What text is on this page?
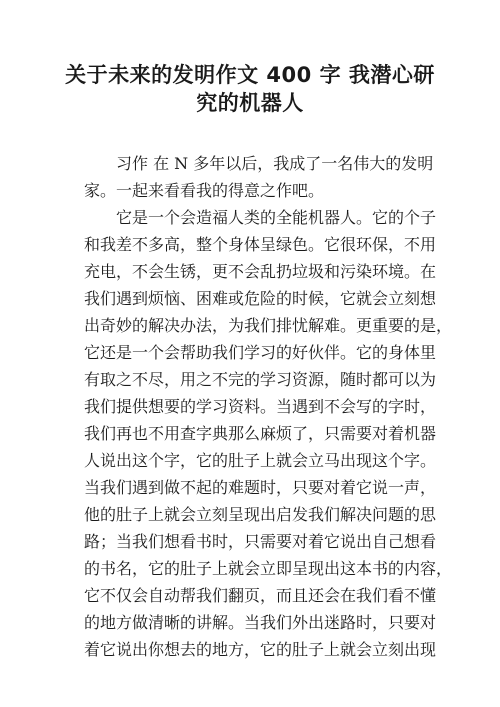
关于未来的发明作文 400 字 我潜心研
究的机器人
习作 在 N 多年以后，我成了一名伟大的发明
家。一起来看看我的得意之作吧。
它是一个会造福人类的全能机器人。它的个子
和我差不多高，整个身体呈绿色。它很环保，不用
充电，不会生锈，更不会乱扔垃圾和污染环境。在
我们遇到烦恼、困难或危险的时候，它就会立刻想
出奇妙的解决办法，为我们排忧解难。更重要的是，
它还是一个会帮助我们学习的好伙伴。它的身体里
有取之不尽，用之不完的学习资源，随时都可以为
我们提供想要的学习资料。当遇到不会写的字时，
我们再也不用查字典那么麻烦了，只需要对着机器
人说出这个字，它的肚子上就会立马出现这个字。
当我们遇到做不起的难题时，只要对着它说一声，
他的肚子上就会立刻呈现出启发我们解决问题的思
路；当我们想看书时，只需要对着它说出自己想看
的书名，它的肚子上就会立即呈现出这本书的内容，
它不仅会自动帮我们翻页，而且还会在我们看不懂
的地方做清晰的讲解。当我们外出迷路时，只要对
着它说出你想去的地方，它的肚子上就会立刻出现
